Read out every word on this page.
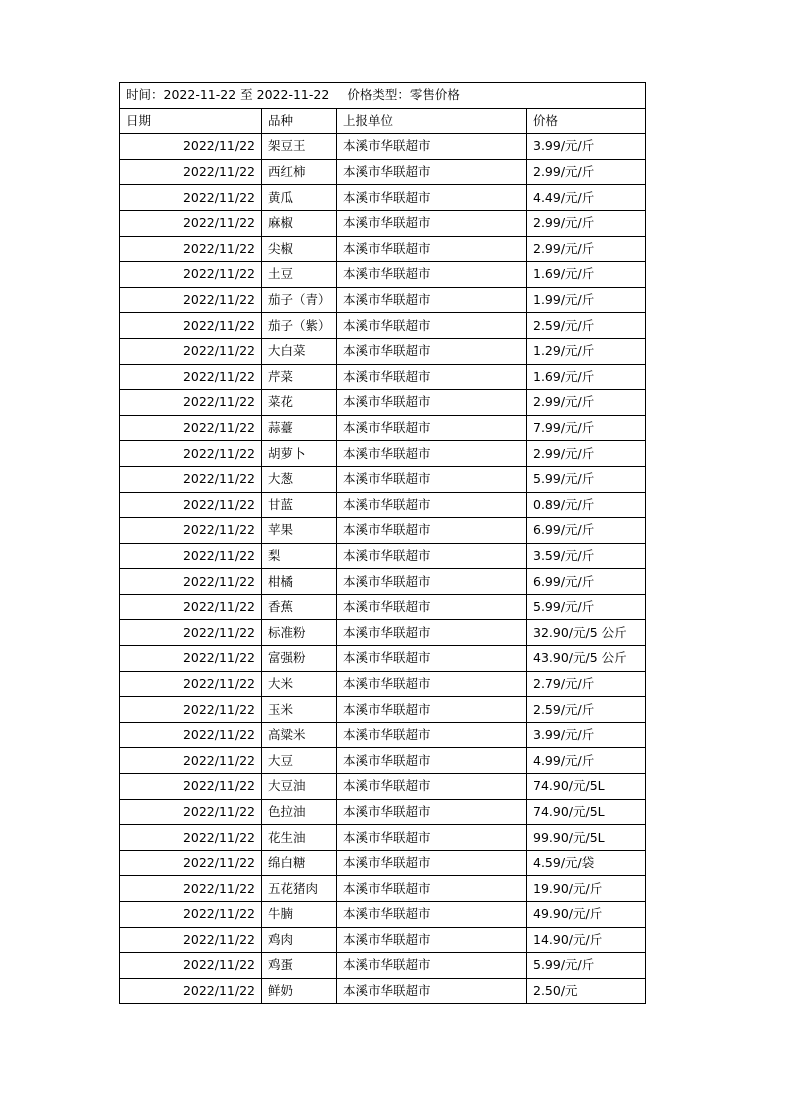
时间：2022-11-22 至 2022-11-22 价格类型：零售价格			
日期	品种	上报单位	价格
2022/11/22	架豆王	本溪市华联超市	3.99/元/斤
2022/11/22	西红柿	本溪市华联超市	2.99/元/斤
2022/11/22	黄瓜	本溪市华联超市	4.49/元/斤
2022/11/22	麻椒	本溪市华联超市	2.99/元/斤
2022/11/22	尖椒	本溪市华联超市	2.99/元/斤
2022/11/22	土豆	本溪市华联超市	1.69/元/斤
2022/11/22	茄子（青）	本溪市华联超市	1.99/元/斤
2022/11/22	茄子（紫）	本溪市华联超市	2.59/元/斤
2022/11/22	大白菜	本溪市华联超市	1.29/元/斤
2022/11/22	芹菜	本溪市华联超市	1.69/元/斤
2022/11/22	菜花	本溪市华联超市	2.99/元/斤
2022/11/22	蒜薹	本溪市华联超市	7.99/元/斤
2022/11/22	胡萝卜	本溪市华联超市	2.99/元/斤
2022/11/22	大葱	本溪市华联超市	5.99/元/斤
2022/11/22	甘蓝	本溪市华联超市	0.89/元/斤
2022/11/22	苹果	本溪市华联超市	6.99/元/斤
2022/11/22	梨	本溪市华联超市	3.59/元/斤
2022/11/22	柑橘	本溪市华联超市	6.99/元/斤
2022/11/22	香蕉	本溪市华联超市	5.99/元/斤
2022/11/22	标准粉	本溪市华联超市	32.90/元/5 公斤
2022/11/22	富强粉	本溪市华联超市	43.90/元/5 公斤
2022/11/22	大米	本溪市华联超市	2.79/元/斤
2022/11/22	玉米	本溪市华联超市	2.59/元/斤
2022/11/22	高粱米	本溪市华联超市	3.99/元/斤
2022/11/22	大豆	本溪市华联超市	4.99/元/斤
2022/11/22	大豆油	本溪市华联超市	74.90/元/5L
2022/11/22	色拉油	本溪市华联超市	74.90/元/5L
2022/11/22	花生油	本溪市华联超市	99.90/元/5L
2022/11/22	绵白糖	本溪市华联超市	4.59/元/袋
2022/11/22	五花猪肉	本溪市华联超市	19.90/元/斤
2022/11/22	牛腩	本溪市华联超市	49.90/元/斤
2022/11/22	鸡肉	本溪市华联超市	14.90/元/斤
2022/11/22	鸡蛋	本溪市华联超市	5.99/元/斤
2022/11/22	鲜奶	本溪市华联超市	2.50/元
